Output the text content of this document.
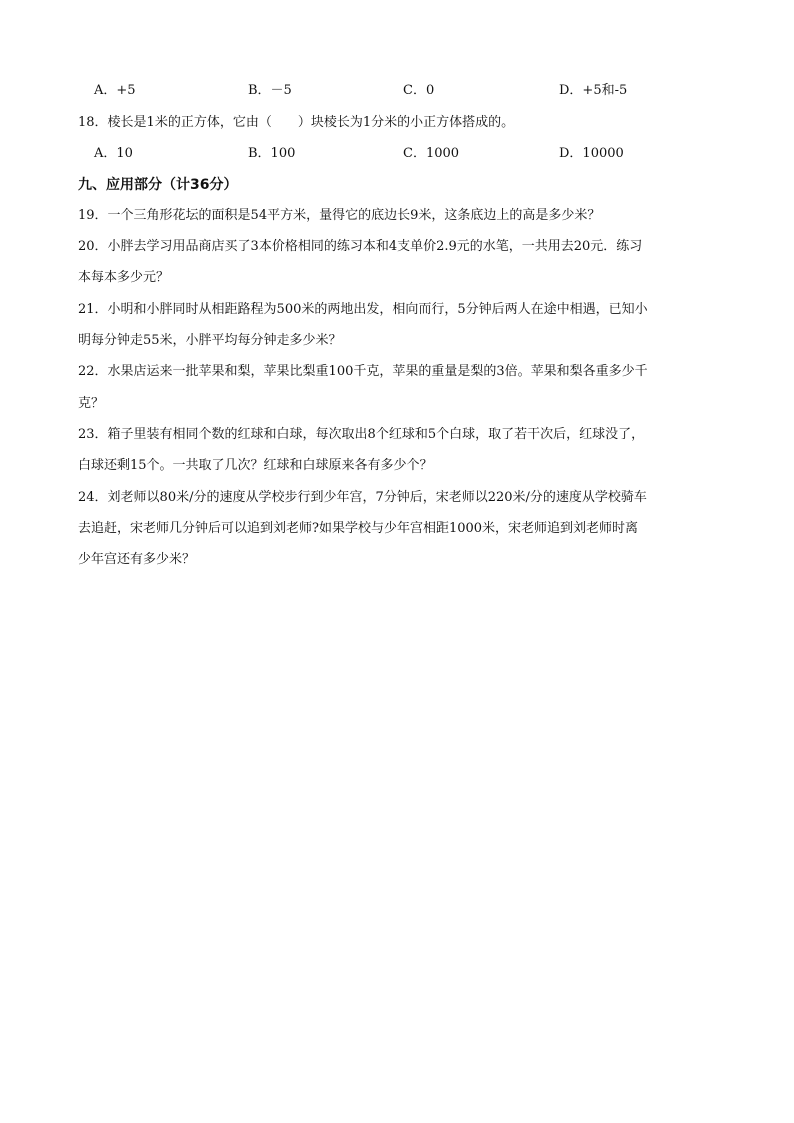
A．+5	B．－5	C．0	D．+5和-5
18．棱长是1米的正方体，它由（　　）块棱长为1分米的小正方体搭成的。
A．10	B．100	C．1000	D．10000
九、应用部分（计36分）
19．一个三角形花坛的面积是54平方米，量得它的底边长9米，这条底边上的高是多少米？
20．小胖去学习用品商店买了3本价格相同的练习本和4支单价2.9元的水笔，一共用去20元．练习
本每本多少元？
21．小明和小胖同时从相距路程为500米的两地出发，相向而行，5分钟后两人在途中相遇，已知小
明每分钟走55米，小胖平均每分钟走多少米？
22．水果店运来一批苹果和梨，苹果比梨重100千克，苹果的重量是梨的3倍。苹果和梨各重多少千
克？
23．箱子里装有相同个数的红球和白球，每次取出8个红球和5个白球，取了若干次后，红球没了，
白球还剩15个。一共取了几次？红球和白球原来各有多少个？
24．刘老师以80米/分的速度从学校步行到少年宫，7分钟后，宋老师以220米/分的速度从学校骑车
去追赶，宋老师几分钟后可以追到刘老师?如果学校与少年宫相距1000米，宋老师追到刘老师时离
少年宫还有多少米？
